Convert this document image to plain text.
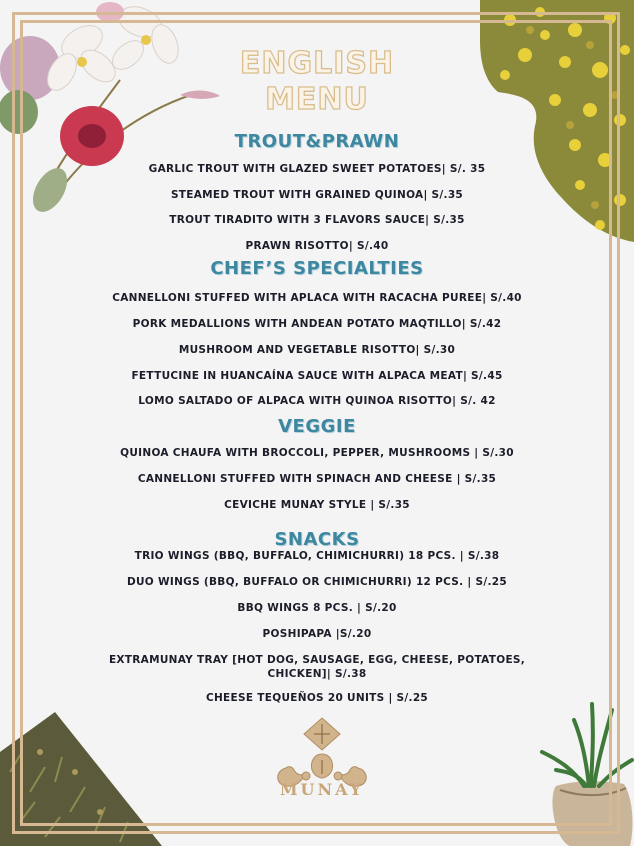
ENGLISH
MENU
TROUT&PRAWN
GARLIC TROUT WITH GLAZED SWEET POTATOES| S/. 35
STEAMED TROUT WITH GRAINED QUINOA| S/.35
TROUT TIRADITO WITH 3 FLAVORS SAUCE| S/.35
PRAWN RISOTTO| S/.40
CHEF’S SPECIALTIES
CANNELLONI STUFFED WITH APLACA WITH RACACHA PUREE| S/.40
PORK MEDALLIONS WITH ANDEAN POTATO MAQTILLO| S/.42
MUSHROOM AND VEGETABLE RISOTTO| S/.30
FETTUCINE IN HUANCAÍNA SAUCE WITH ALPACA MEAT| S/.45
LOMO SALTADO OF ALPACA WITH QUINOA RISOTTO| S/. 42
VEGGIE
QUINOA CHAUFA WITH BROCCOLI, PEPPER, MUSHROOMS | S/.30
CANNELLONI STUFFED WITH SPINACH AND CHEESE | S/.35
CEVICHE MUNAY STYLE | S/.35
SNACKS
TRIO WINGS (BBQ, BUFFALO, CHIMICHURRI) 18 PCS. | S/.38
DUO WINGS (BBQ, BUFFALO OR CHIMICHURRI) 12 PCS. | S/.25
BBQ WINGS 8 PCS. | S/.20
POSHIPAPA |S/.20
EXTRAMUNAY TRAY [HOT DOG, SAUSAGE, EGG, CHEESE, POTATOES, CHICKEN]| S/.38
CHEESE TEQUEÑOS 20 UNITS | S/.25
MUNAY
